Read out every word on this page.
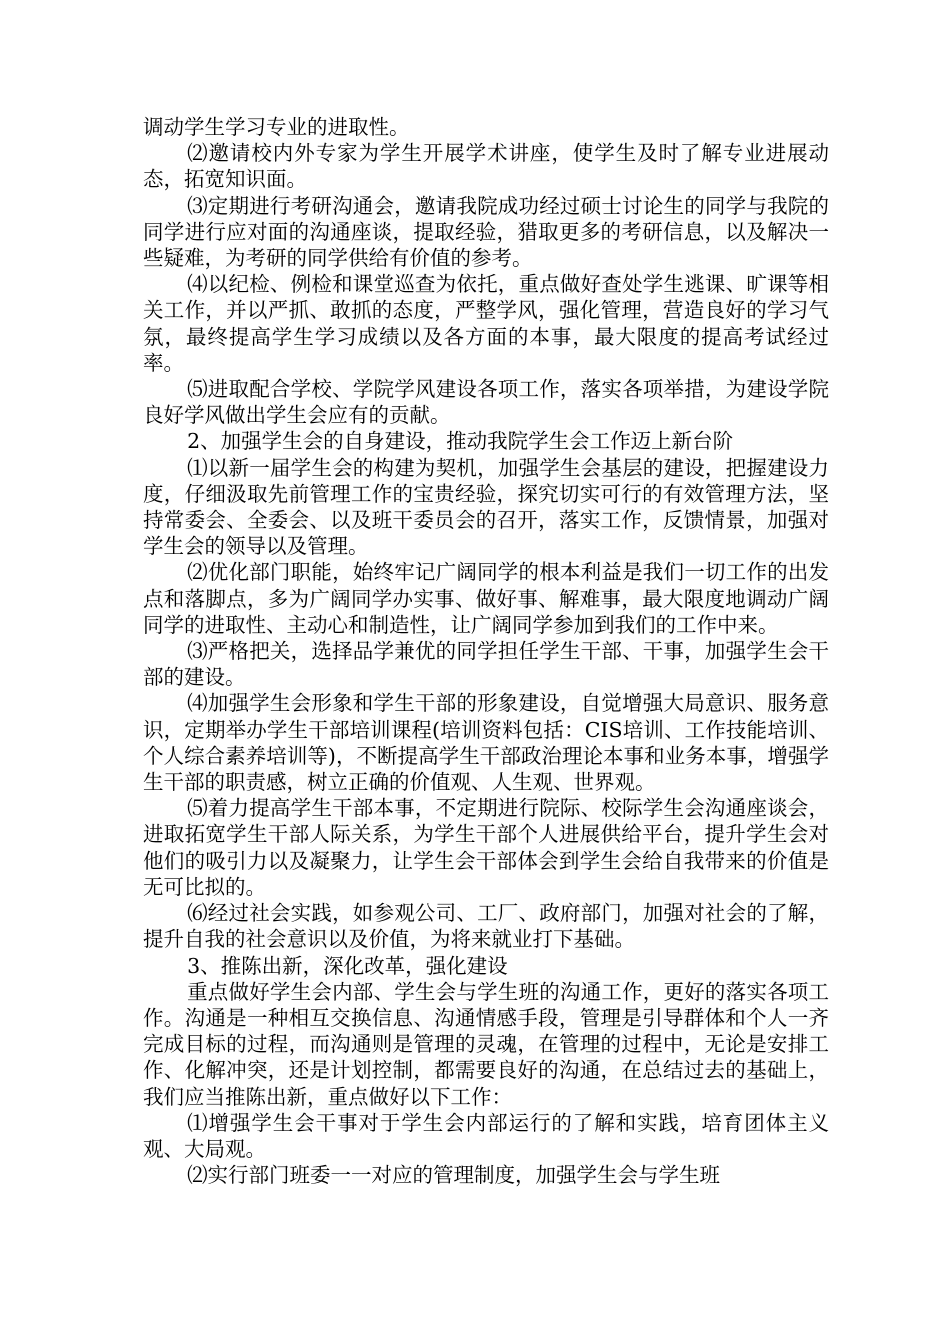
调动学生学习专业的进取性。

⑵邀请校内外专家为学生开展学术讲座，使学生及时了解专业进展动态，拓宽知识面。

⑶定期进行考研沟通会，邀请我院成功经过硕士讨论生的同学与我院的同学进行应对面的沟通座谈，提取经验，猎取更多的考研信息，以及解决一些疑难，为考研的同学供给有价值的参考。

⑷以纪检、例检和课堂巡查为依托，重点做好查处学生逃课、旷课等相关工作，并以严抓、敢抓的态度，严整学风，强化管理，营造良好的学习气氛，最终提高学生学习成绩以及各方面的本事，最大限度的提高考试经过率。

⑸进取配合学校、学院学风建设各项工作，落实各项举措，为建设学院良好学风做出学生会应有的贡献。

2、加强学生会的自身建设，推动我院学生会工作迈上新台阶

⑴以新一届学生会的构建为契机，加强学生会基层的建设，把握建设力度，仔细汲取先前管理工作的宝贵经验，探究切实可行的有效管理方法，坚持常委会、全委会、以及班干委员会的召开，落实工作，反馈情景，加强对学生会的领导以及管理。

⑵优化部门职能，始终牢记广阔同学的根本利益是我们一切工作的出发点和落脚点，多为广阔同学办实事、做好事、解难事，最大限度地调动广阔同学的进取性、主动心和制造性，让广阔同学参加到我们的工作中来。

⑶严格把关，选择品学兼优的同学担任学生干部、干事，加强学生会干部的建设。

⑷加强学生会形象和学生干部的形象建设，自觉增强大局意识、服务意识，定期举办学生干部培训课程(培训资料包括：CIS培训、工作技能培训、个人综合素养培训等)，不断提高学生干部政治理论本事和业务本事，增强学生干部的职责感，树立正确的价值观、人生观、世界观。

⑸着力提高学生干部本事，不定期进行院际、校际学生会沟通座谈会，进取拓宽学生干部人际关系，为学生干部个人进展供给平台，提升学生会对他们的吸引力以及凝聚力，让学生会干部体会到学生会给自我带来的价值是无可比拟的。

⑹经过社会实践，如参观公司、工厂、政府部门，加强对社会的了解，提升自我的社会意识以及价值，为将来就业打下基础。

3、推陈出新，深化改革，强化建设

重点做好学生会内部、学生会与学生班的沟通工作，更好的落实各项工作。沟通是一种相互交换信息、沟通情感手段，管理是引导群体和个人一齐完成目标的过程，而沟通则是管理的灵魂，在管理的过程中，无论是安排工作、化解冲突，还是计划控制，都需要良好的沟通，在总结过去的基础上，我们应当推陈出新，重点做好以下工作：

⑴增强学生会干事对于学生会内部运行的了解和实践，培育团体主义观、大局观。

⑵实行部门班委一一对应的管理制度，加强学生会与学生班
